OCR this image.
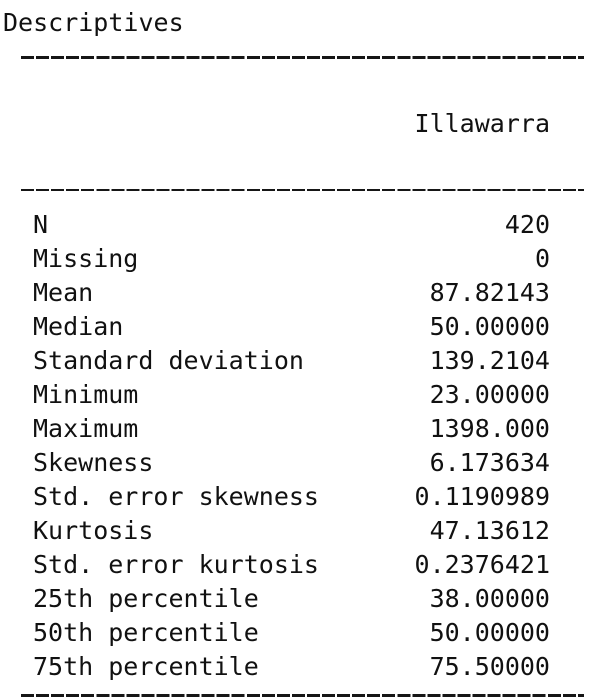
Descriptives

Illawarra

N	420
Missing	0
Mean	87.82143
Median	50.00000
Standard deviation	139.2104
Minimum	23.00000
Maximum	1398.000
Skewness	6.173634
Std. error skewness	0.1190989
Kurtosis	47.13612
Std. error kurtosis	0.2376421
25th percentile	38.00000
50th percentile	50.00000
75th percentile	75.50000
